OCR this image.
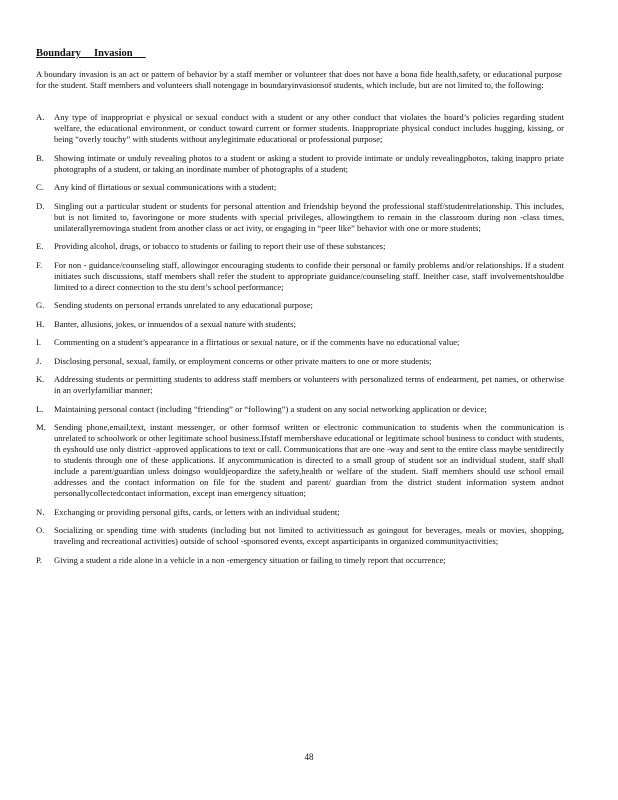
Boundary     Invasion
A boundary invasion is an act or pattern of behavior by a staff member or volunteer that does not have a bona fide health,safety, or educational purpose for the student. Staff members and volunteers shall notengage in boundaryinvasionsof students, which include, but are not limited to, the following:
A.	Any type of inappropriat e physical or sexual conduct with a student or any other conduct that violates the board’s policies regarding student welfare, the educational environment, or conduct toward current or former students. Inappropriate physical conduct includes hugging, kissing, or being “overly touchy” with students without anylegitimate educational or professional purpose;
B.	Showing intimate or unduly revealing photos to a student or asking a student to provide intimate or unduly revealingphotos, taking inappro priate photographs of a student, or taking an inordinate number of photographs of a student;
C.	Any kind of flirtatious or sexual communications with a student;
D.	Singling out a particular student or students for personal attention and friendship beyond the professional staff/studentrelationship. This includes, but is not limited to, favoringone or more students with special privileges, allowingthem to remain in the classroom during non -class times, unilaterallyremovinga student from another class or act ivity, or engaging in “peer like” behavior with one or more students;
E.	Providing alcohol, drugs, or tobacco to students or failing to report their use of these substances;
F.	For non - guidance/counseling staff, allowingor encouraging students to confide their personal or family problems and/or relationships. If a student initiates such discussions, staff members shall refer the student to appropriate guidance/counseling staff. Ineither case, staff involvementshouldbe limited to a direct connection to the stu dent’s school performance;
G.	Sending students on personal errands unrelated to any educational purpose;
H.	Banter, allusions, jokes, or innuendos of a sexual nature with students;
I.	Commenting on a student’s appearance in a flirtatious or sexual nature, or if the comments have no educational value;
J.	Disclosing personal, sexual, family, or employment concerns or other private matters to one or more students;
K.	Addressing students or permitting students to address staff members or volunteers with personalized terms of endearment, pet names, or otherwise in an overlyfamiliar manner;
L.	Maintaining personal contact (including “friending” or “following”) a student on any social networking application or device;
M. Sending phone,email,text, instant messenger, or other formsof written or electronic communication to students when the communication is unrelated to schoolwork or other legitimate school business.Ifstaff membershave educational or legitimate school business to conduct with students, th eyshould use only district -approved applications to text or call. Communications that are one -way and sent to the entire class maybe sentdirectly to students through one of these applications. If anycommunication is directed to a small group of student sor an individual student, staff shall include a parent/guardian unless doingso wouldjeopardize the safety,health or welfare of the student. Staff members should use school email addresses and the contact information on file for the student and parent/ guardian from the district student information system andnot personallycollectedcontact information, except inan emergency situation;
N.	Exchanging or providing personal gifts, cards, or letters with an individual student;
O.	Socializing or spending time with students (including but not limited to activitiessuch as goingout for beverages, meals or movies, shopping, traveling and recreational activities) outside of school -sponsored events, except asparticipants in organized communityactivities;
P.	Giving a student a ride alone in a vehicle in a non -emergency situation or failing to timely report that occurrence;
48
